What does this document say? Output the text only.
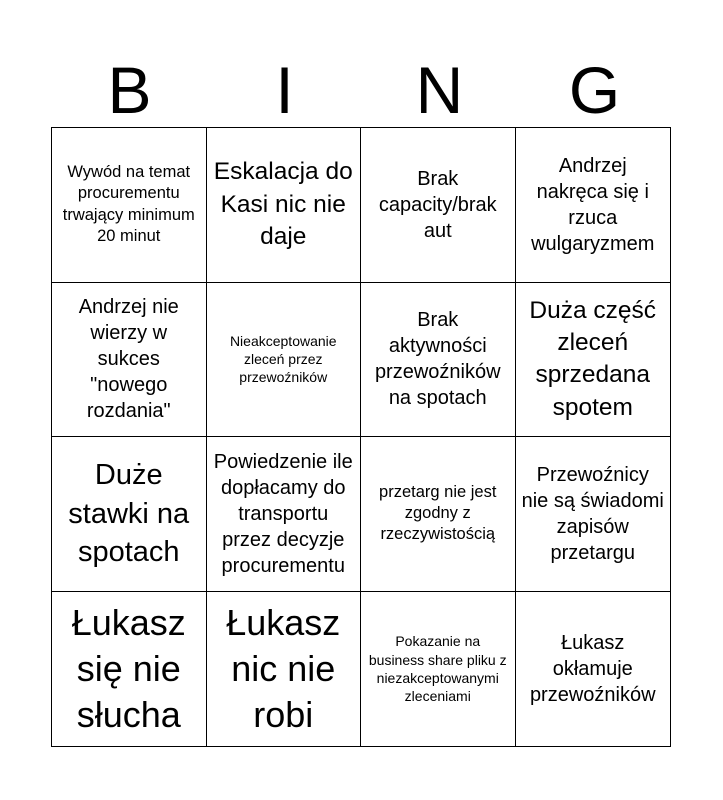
B	I	N	G
Wywód na temat procurementu trwający minimum 20 minut
Eskalacja do Kasi nic nie daje
Brak capacity/brak aut
Andrzej nakręca się i rzuca wulgaryzmem
Andrzej nie wierzy w sukces "nowego rozdania"
Nieakceptowanie zleceń przez przewoźników
Brak aktywności przewoźników na spotach
Duża część zleceń sprzedana spotem
Duże stawki na spotach
Powiedzenie ile dopłacamy do transportu przez decyzje procurementu
przetarg nie jest zgodny z rzeczywistością
Przewoźnicy nie są świadomi zapisów przetargu
Łukasz się nie słucha
Łukasz nic nie robi
Pokazanie na business share pliku z niezakceptowanymi zleceniami
Łukasz okłamuje przewoźników
